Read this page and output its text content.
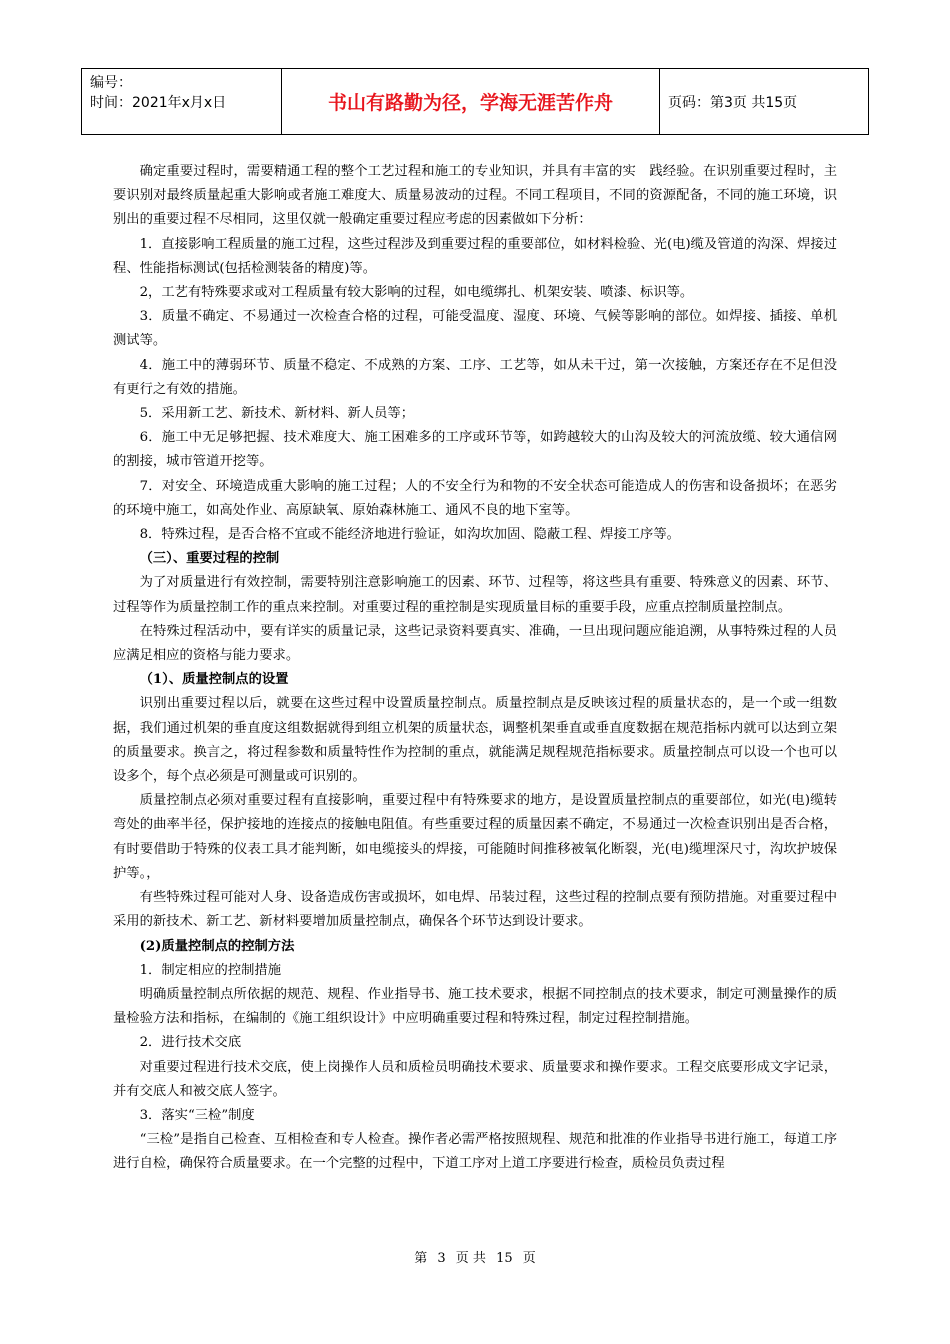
编号：
时间：2021年x月x日	书山有路勤为径，学海无涯苦作舟	页码：第3页 共15页

确定重要过程时，需要精通工程的整个工艺过程和施工的专业知识，并具有丰富的实　践经验。在识别重要过程时，主要识别对最终质量起重大影响或者施工难度大、质量易波动的过程。不同工程项目，不同的资源配备，不同的施工环境，识别出的重要过程不尽相同，这里仅就一般确定重要过程应考虑的因素做如下分析：

1．直接影响工程质量的施工过程，这些过程涉及到重要过程的重要部位，如材料检验、光(电)缆及管道的沟深、焊接过程、性能指标测试(包括检测装备的精度)等。

2，工艺有特殊要求或对工程质量有较大影响的过程，如电缆绑扎、机架安装、喷漆、标识等。

3．质量不确定、不易通过一次检查合格的过程，可能受温度、湿度、环境、气候等影响的部位。如焊接、插接、单机测试等。

4．施工中的薄弱环节、质量不稳定、不成熟的方案、工序、工艺等，如从未干过，第一次接触，方案还存在不足但没有更行之有效的措施。

5．采用新工艺、新技术、新材料、新人员等；

6．施工中无足够把握、技术难度大、施工困难多的工序或环节等，如跨越较大的山沟及较大的河流放缆、较大通信网的割接，城市管道开挖等。

7．对安全、环境造成重大影响的施工过程；人的不安全行为和物的不安全状态可能造成人的伤害和设备损坏；在恶劣的环境中施工，如高处作业、高原缺氧、原始森林施工、通风不良的地下室等。

8．特殊过程，是否合格不宜或不能经济地进行验证，如沟坎加固、隐蔽工程、焊接工序等。

（三）、重要过程的控制

为了对质量进行有效控制，需要特别注意影响施工的因素、环节、过程等，将这些具有重要、特殊意义的因素、环节、过程等作为质量控制工作的重点来控制。对重要过程的重控制是实现质量目标的重要手段，应重点控制质量控制点。

在特殊过程活动中，要有详实的质量记录，这些记录资料要真实、准确，一旦出现问题应能追溯，从事特殊过程的人员应满足相应的资格与能力要求。

（1）、质量控制点的设置

识别出重要过程以后，就要在这些过程中设置质量控制点。质量控制点是反映该过程的质量状态的，是一个或一组数据，我们通过机架的垂直度这组数据就得到组立机架的质量状态，调整机架垂直或垂直度数据在规范指标内就可以达到立架的质量要求。换言之，将过程参数和质量特性作为控制的重点，就能满足规程规范指标要求。质量控制点可以设一个也可以设多个，每个点必须是可测量或可识别的。

质量控制点必须对重要过程有直接影响，重要过程中有特殊要求的地方，是设置质量控制点的重要部位，如光(电)缆转弯处的曲率半径，保护接地的连接点的接触电阻值。有些重要过程的质量因素不确定，不易通过一次检查识别出是否合格，有时要借助于特殊的仪表工具才能判断，如电缆接头的焊接，可能随时间推移被氧化断裂，光(电)缆埋深尺寸，沟坎护坡保护等。，

有些特殊过程可能对人身、设备造成伤害或损坏，如电焊、吊装过程，这些过程的控制点要有预防措施。对重要过程中采用的新技术、新工艺、新材料要增加质量控制点，确保各个环节达到设计要求。

(2)质量控制点的控制方法

1．制定相应的控制措施

明确质量控制点所依据的规范、规程、作业指导书、施工技术要求，根据不同控制点的技术要求，制定可测量操作的质量检验方法和指标，在编制的《施工组织设计》中应明确重要过程和特殊过程，制定过程控制措施。

2．进行技术交底

对重要过程进行技术交底，使上岗操作人员和质检员明确技术要求、质量要求和操作要求。工程交底要形成文字记录，并有交底人和被交底人签字。

3．落实“三检”制度

“三检”是指自己检查、互相检查和专人检查。操作者必需严格按照规程、规范和批准的作业指导书进行施工，每道工序进行自检，确保符合质量要求。在一个完整的过程中，下道工序对上道工序要进行检查，质检员负责过程

第 3 页 共 15 页
